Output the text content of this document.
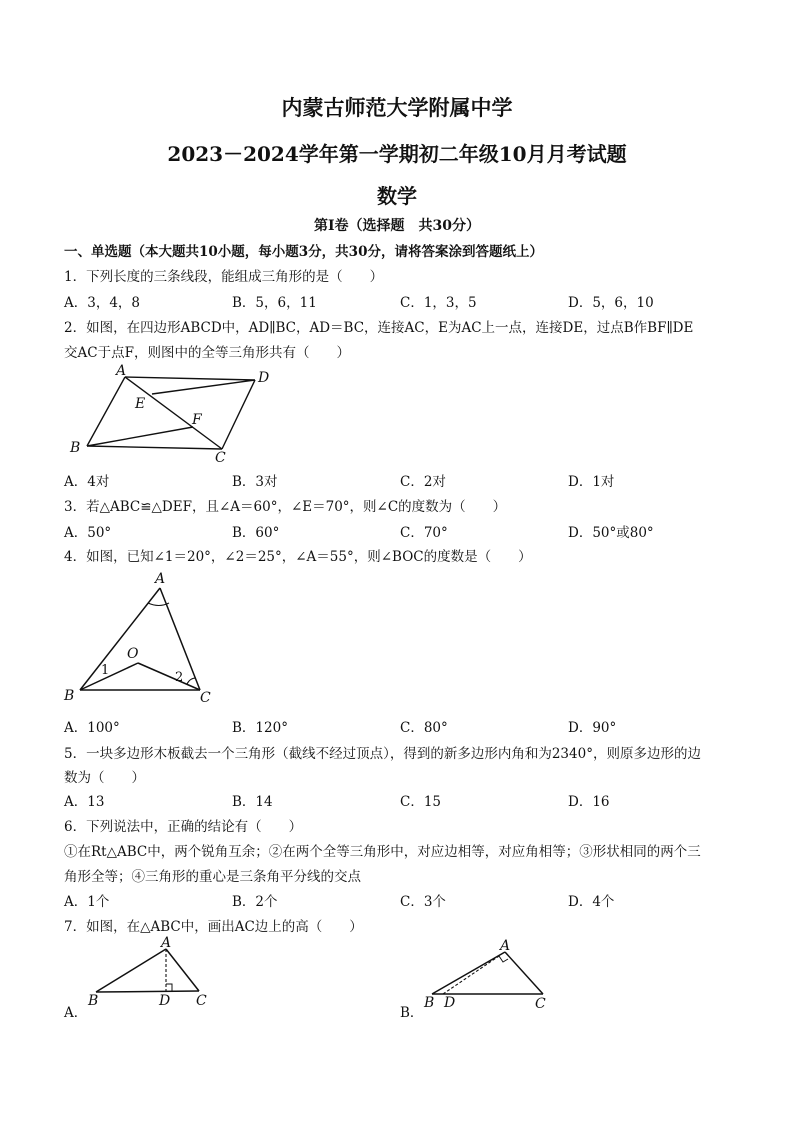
内蒙古师范大学附属中学
2023－2024学年第一学期初二年级10月月考试题
数学
第Ⅰ卷（选择题　共30分）
一、单选题（本大题共10小题，每小题3分，共30分，请将答案涂到答题纸上）
1．下列长度的三条线段，能组成三角形的是（　　）
A．3，4，8	B．5，6，11	C．1，3，5	D．5，6，10
2．如图，在四边形ABCD中，AD∥BC，AD＝BC，连接AC，E为AC上一点，连接DE，过点B作BF∥DE
交AC于点F，则图中的全等三角形共有（　　）
A	D
E
F
B
C
A．4对	B．3对	C．2对	D．1对
3．若△ABC≌△DEF，且∠A＝60°，∠E＝70°，则∠C的度数为（　　）
A．50°	B．60°	C．70°	D．50°或80°
4．如图，已知∠1＝20°，∠2＝25°，∠A＝55°，则∠BOC的度数是（　　）
A
O
1	2
B	C
A．100°	B．120°	C．80°	D．90°
5．一块多边形木板截去一个三角形（截线不经过顶点），得到的新多边形内角和为2340°，则原多边形的边
数为（　　）
A．13	B．14	C．15	D．16
6．下列说法中，正确的结论有（　　）
①在Rt△ABC中，两个锐角互余；②在两个全等三角形中，对应边相等，对应角相等；③形状相同的两个三
角形全等；④三角形的重心是三条角平分线的交点
A．1个	B．2个	C．3个	D．4个
7．如图，在△ABC中，画出AC边上的高（　　）
A
B	D C
A．
A
B D	C
B．
